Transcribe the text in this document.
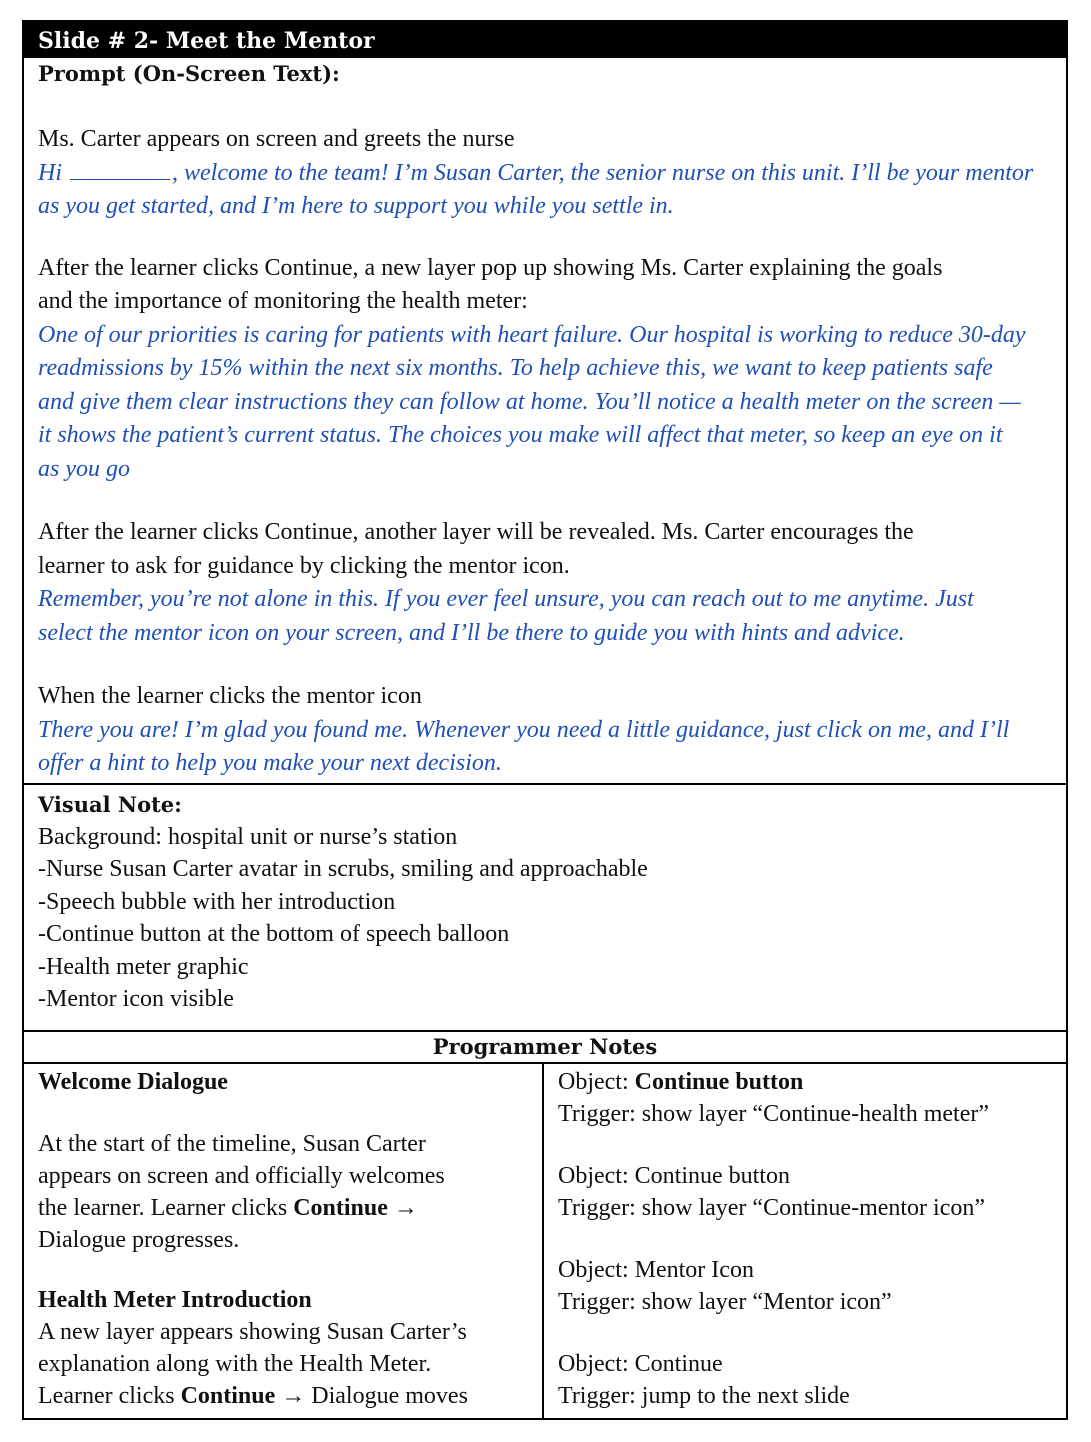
Slide # 2- Meet the Mentor
Prompt (On-Screen Text):

Ms. Carter appears on screen and greets the nurse

Hi	, welcome to the team! I’m Susan Carter, the senior nurse on this unit. I’ll be your mentor

as you get started, and I’m here to support you while you settle in.

After the learner clicks Continue, a new layer pop up showing Ms. Carter explaining the goals

and the importance of monitoring the health meter:

One of our priorities is caring for patients with heart failure. Our hospital is working to reduce 30-day

readmissions by 15% within the next six months. To help achieve this, we want to keep patients safe

and give them clear instructions they can follow at home. You’ll notice a health meter on the screen —

it shows the patient’s current status. The choices you make will affect that meter, so keep an eye on it

as you go

After the learner clicks Continue, another layer will be revealed. Ms. Carter encourages the

learner to ask for guidance by clicking the mentor icon.

Remember, you’re not alone in this. If you ever feel unsure, you can reach out to me anytime. Just

select the mentor icon on your screen, and I’ll be there to guide you with hints and advice.

When the learner clicks the mentor icon

There you are! I’m glad you found me. Whenever you need a little guidance, just click on me, and I’ll

offer a hint to help you make your next decision.

Visual Note:

Background: hospital unit or nurse’s station

-Nurse Susan Carter avatar in scrubs, smiling and approachable

-Speech bubble with her introduction

-Continue button at the bottom of speech balloon

-Health meter graphic

-Mentor icon visible

Programmer Notes

Welcome Dialogue

At the start of the timeline, Susan Carter

appears on screen and officially welcomes

the learner. Learner clicks Continue →

Dialogue progresses.

Health Meter Introduction

A new layer appears showing Susan Carter’s

explanation along with the Health Meter.

Learner clicks Continue → Dialogue moves

Object: Continue button

Trigger: show layer “Continue-health meter”

Object: Continue button

Trigger: show layer “Continue-mentor icon”

Object: Mentor Icon

Trigger: show layer “Mentor icon”

Object: Continue

Trigger: jump to the next slide
